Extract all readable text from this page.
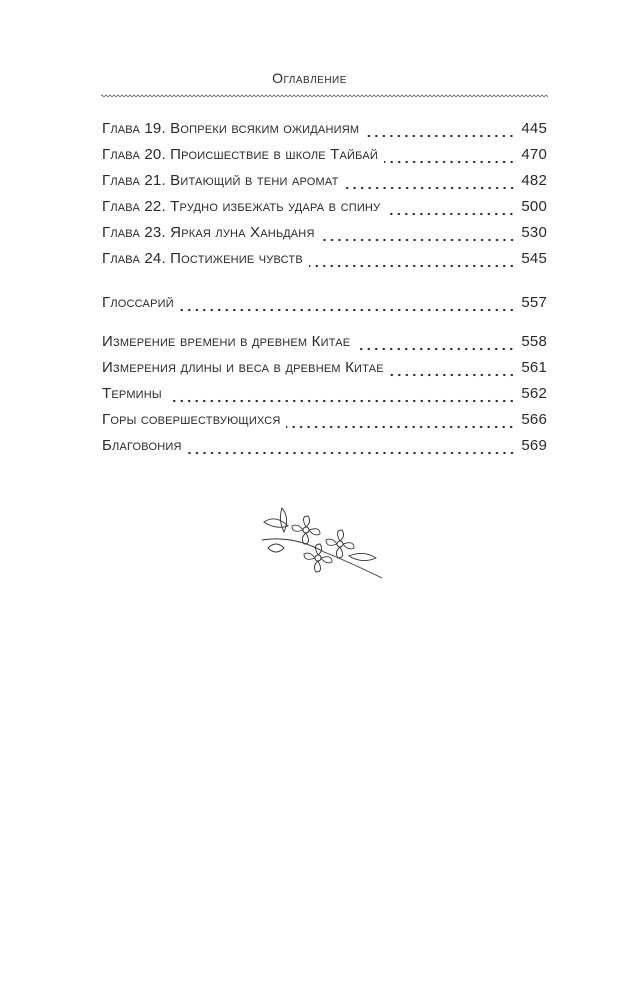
Оглавление
Глава 19. Вопреки всяким ожиданиям	445
Глава 20. Происшествие в школе Тайбай	470
Глава 21. Витающий в тени аромат	482
Глава 22. Трудно избежать удара в спину	500
Глава 23. Яркая луна Ханьданя	530
Глава 24. Постижение чувств	545
Глоссарий	557
Измерение времени в древнем Китае	558
Измерения длины и веса в древнем Китае	561
Термины	562
Горы совершествующихся	566
Благовония	569
